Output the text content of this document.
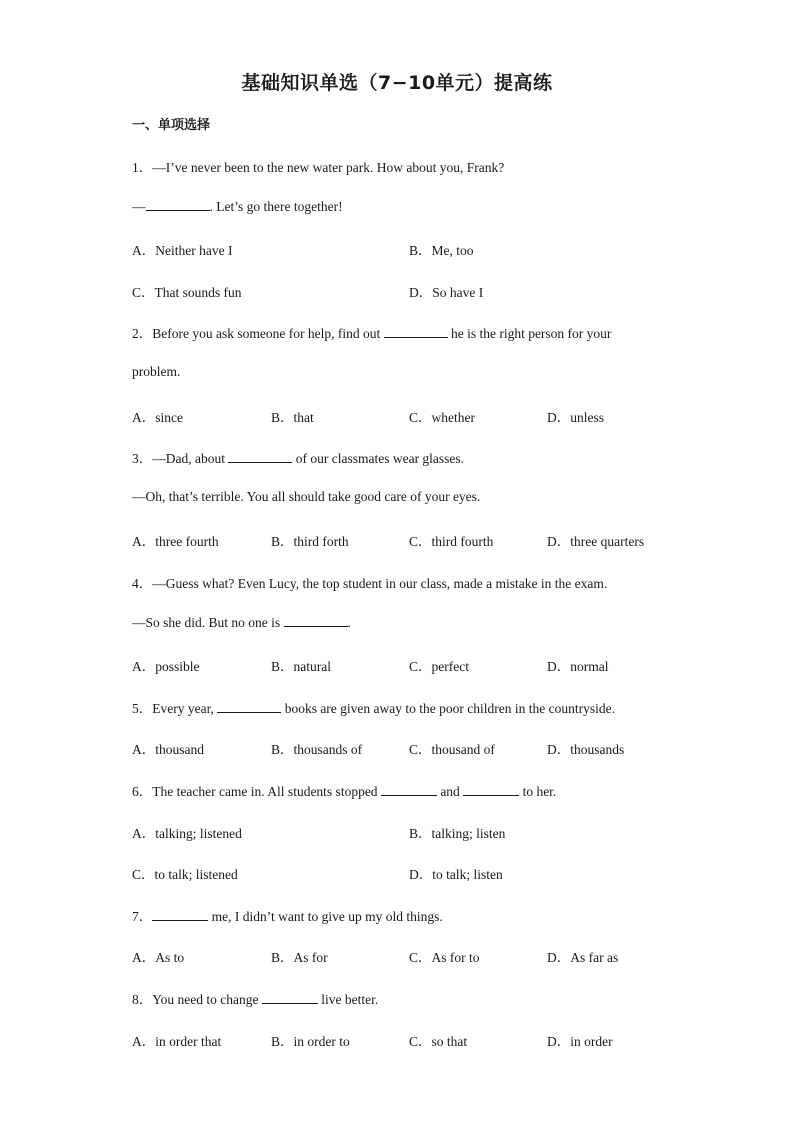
基础知识单选（7−10单元）提高练
一、单项选择
1．—I’ve never been to the new water park. How about you, Frank?
—	. Let’s go there together!
A．Neither have I	B．Me, too
C．That sounds fun	D．So have I
2．Before you ask someone for help, find out	he is the right person for your
problem.
A．since	B．that	C．whether	D．unless
3．—Dad, about	of our classmates wear glasses.
—Oh, that’s terrible. You all should take good care of your eyes.
A．three fourth	B．third forth	C．third fourth	D．three quarters
4．—Guess what? Even Lucy, the top student in our class, made a mistake in the exam.
—So she did. But no one is	.
A．possible	B．natural	C．perfect	D．normal
5．Every year,	books are given away to the poor children in the countryside.
A．thousand	B．thousands of	C．thousand of	D．thousands
6．The teacher came in. All students stopped	and	to her.
A．talking; listened	B．talking; listen
C．to talk; listened	D．to talk; listen
7．	me, I didn’t want to give up my old things.
A．As to	B．As for	C．As for to	D．As far as
8．You need to change	live better.
A．in order that	B．in order to	C．so that	D．in order
